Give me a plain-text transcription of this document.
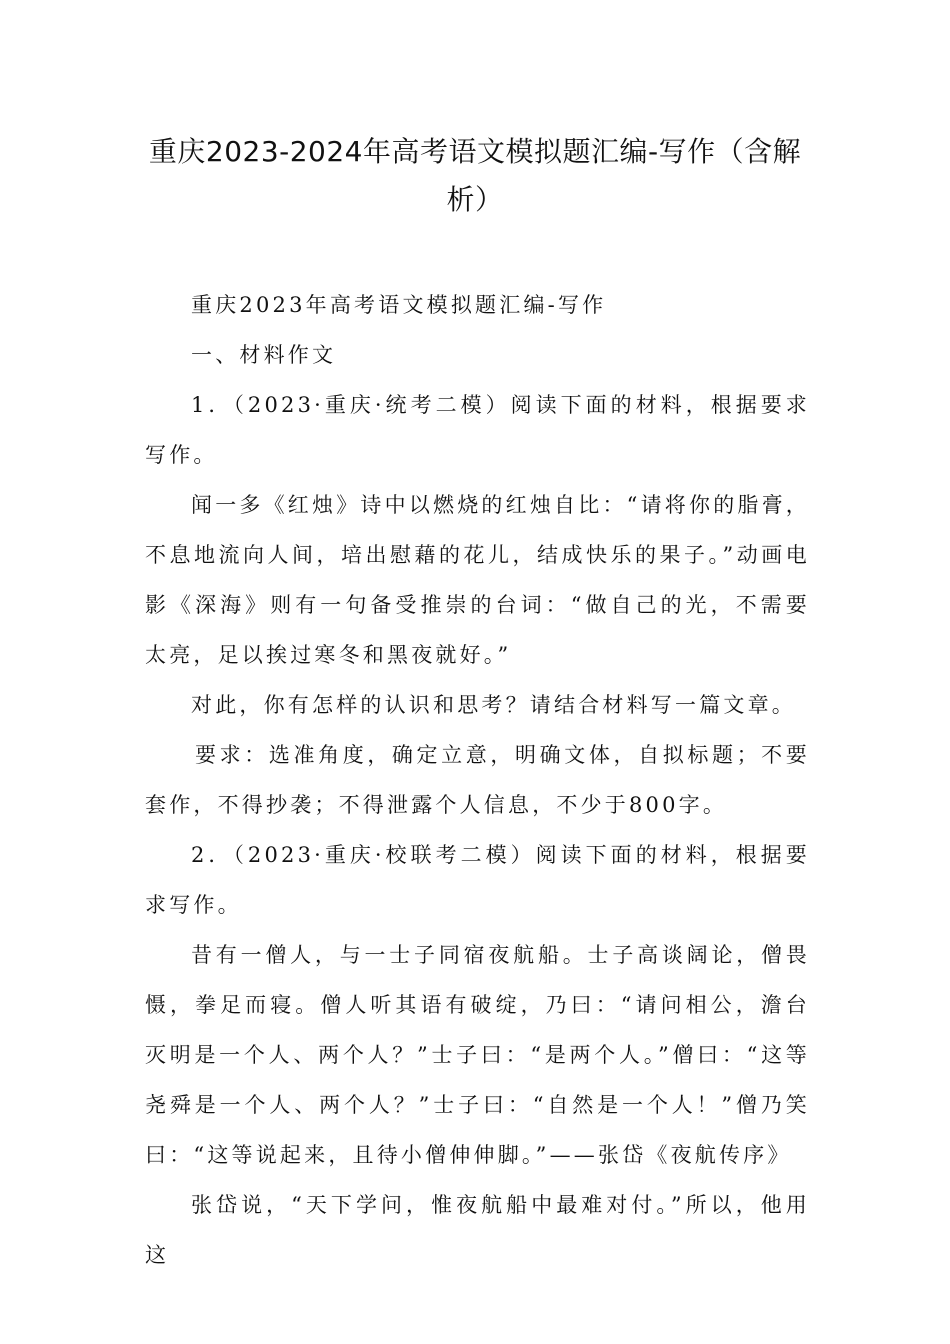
重庆2023-2024年高考语文模拟题汇编-写作（含解析）

重庆2023年高考语文模拟题汇编-写作

一、材料作文

1．（2023·重庆·统考二模）阅读下面的材料，根据要求写作。

闻一多《红烛》诗中以燃烧的红烛自比：“请将你的脂膏，不息地流向人间，培出慰藉的花儿，结成快乐的果子。”动画电影《深海》则有一句备受推崇的台词：“做自己的光，不需要太亮，足以挨过寒冬和黑夜就好。”

对此，你有怎样的认识和思考？请结合材料写一篇文章。

要求：选准角度，确定立意，明确文体，自拟标题；不要套作，不得抄袭；不得泄露个人信息，不少于800字。

2．（2023·重庆·校联考二模）阅读下面的材料，根据要求写作。

昔有一僧人，与一士子同宿夜航船。士子高谈阔论，僧畏慑，拳足而寝。僧人听其语有破绽，乃曰：“请问相公，澹台灭明是一个人、两个人？”士子曰：“是两个人。”僧曰：“这等尧舜是一个人、两个人？”士子曰：“自然是一个人！”僧乃笑曰：“这等说起来，且待小僧伸伸脚。”——张岱《夜航传序》

张岱说，“天下学问，惟夜航船中最难对付。”所以，他用这
